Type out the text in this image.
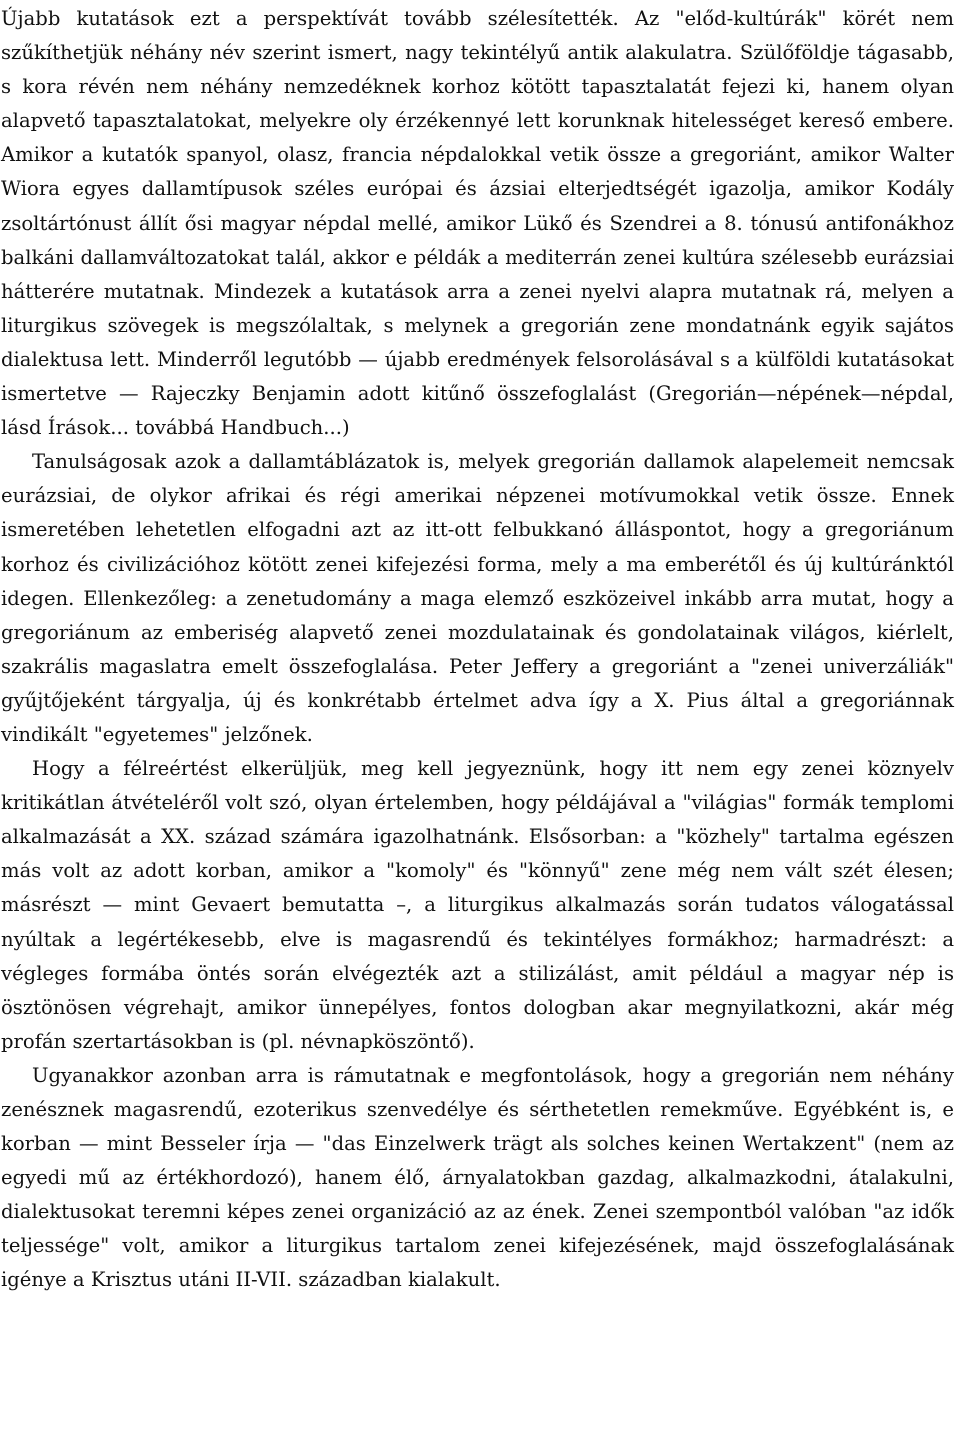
Újabb kutatások ezt a perspektívát tovább szélesítették. Az "előd-kultúrák" körét nem szűkíthetjük néhány név szerint ismert, nagy tekintélyű antik alakulatra. Szülőföldje tágasabb, s kora révén nem néhány nemzedéknek korhoz kötött tapasztalatát fejezi ki, hanem olyan alapvető tapasztalatokat, melyekre oly érzékennyé lett korunknak hitelességet kereső embere. Amikor a kutatók spanyol, olasz, francia népdalokkal vetik össze a gregoriánt, amikor Walter Wiora egyes dallamtípusok széles európai és ázsiai elterjedtségét igazolja, amikor Kodály zsoltártónust állít ősi magyar népdal mellé, amikor Lükő és Szendrei a 8. tónusú antifonákhoz balkáni dallamváltozatokat talál, akkor e példák a mediterrán zenei kultúra szélesebb eurázsiai hátterére mutatnak. Mindezek a kutatások arra a zenei nyelvi alapra mutatnak rá, melyen a liturgikus szövegek is megszólaltak, s melynek a gregorián zene mondatnánk egyik sajátos dialektusa lett. Minderről legutóbb — újabb eredmények felsorolásával s a külföldi kutatásokat ismertetve — Rajeczky Benjamin adott kitűnő összefoglalást (Gregorián—népének—népdal, lásd Írások... továbbá Handbuch...)

Tanulságosak azok a dallamtáblázatok is, melyek gregorián dallamok alapelemeit nemcsak eurázsiai, de olykor afrikai és régi amerikai népzenei motívumokkal vetik össze. Ennek ismeretében lehetetlen elfogadni azt az itt-ott felbukkanó álláspontot, hogy a gregoriánum korhoz és civilizációhoz kötött zenei kifejezési forma, mely a ma emberétől és új kultúránktól idegen. Ellenkezőleg: a zenetudomány a maga elemző eszközeivel inkább arra mutat, hogy a gregoriánum az emberiség alapvető zenei mozdulatainak és gondolatainak világos, kiérlelt, szakrális magaslatra emelt összefoglalása. Peter Jeffery a gregoriánt a "zenei univerzáliák" gyűjtőjeként tárgyalja, új és konkrétabb értelmet adva így a X. Pius által a gregoriánnak vindikált "egyetemes" jelzőnek.

Hogy a félreértést elkerüljük, meg kell jegyeznünk, hogy itt nem egy zenei köznyelv kritikátlan átvételéről volt szó, olyan értelemben, hogy példájával a "világias" formák templomi alkalmazását a XX. század számára igazolhatnánk. Elsősorban: a "közhely" tartalma egészen más volt az adott korban, amikor a "komoly" és "könnyű" zene még nem vált szét élesen; másrészt — mint Gevaert bemutatta –, a liturgikus alkalmazás során tudatos válogatással nyúltak a legértékesebb, elve is magasrendű és tekintélyes formákhoz; harmadrészt: a végleges formába öntés során elvégezték azt a stilizálást, amit például a magyar nép is ösztönösen végrehajt, amikor ünnepélyes, fontos dologban akar megnyilatkozni, akár még profán szertartásokban is (pl. névnapköszöntő).

Ugyanakkor azonban arra is rámutatnak e megfontolások, hogy a gregorián nem néhány zenésznek magasrendű, ezoterikus szenvedélye és sérthetetlen remekműve. Egyébként is, e korban — mint Besseler írja — "das Einzelwerk trägt als solches keinen Wertakzent" (nem az egyedi mű az értékhordozó), hanem élő, árnyalatokban gazdag, alkalmazkodni, átalakulni, dialektusokat teremni képes zenei organizáció az az ének. Zenei szempontból valóban "az idők teljessége" volt, amikor a liturgikus tartalom zenei kifejezésének, majd összefoglalásának igénye a Krisztus utáni II-VII. században kialakult.
